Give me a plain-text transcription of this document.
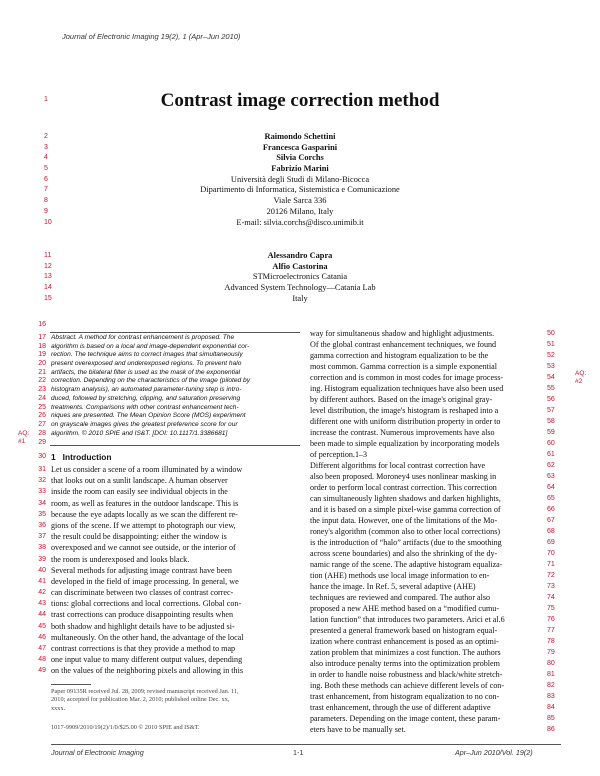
Journal of Electronic Imaging 19(2), 1 (Apr–Jun 2010)
1	Contrast image correction method
2
3
4
5
6
7
8
9
10
Raimondo Schettini
Francesca Gasparini
Silvia Corchs
Fabrizio Marini
Università degli Studi di Milano-Bicocca
Dipartimento di Informatica, Sistemistica e Comunicazione
Viale Sarca 336
20126 Milano, Italy
E-mail: silvia.corchs@disco.unimib.it
11
12
13
14
15
Alessandro Capra
Alfio Castorina
STMicroelectronics Catania
Advanced System Technology—Catania Lab
Italy
16
17
18
19
20
21
22
23
24
25
26
27
28
Abstract. A method for contrast enhancement is proposed. The
algorithm is based on a local and image-dependent exponential cor-
rection. The technique aims to correct images that simultaneously
present overexposed and underexposed regions. To prevent halo
artifacts, the bilateral filter is used as the mask of the exponential
correction. Depending on the characteristics of the image (piloted by
histogram analysis), an automated parameter-tuning step is intro-
duced, followed by stretching, clipping, and saturation preserving
treatments. Comparisons with other contrast enhancement tech-
niques are presented. The Mean Opinion Score (MOS) experiment
on grayscale images gives the greatest preference score for our
algorithm. © 2010 SPIE and IS&T. [DOI: 10.1117/1.3386681]
29
AQ:
#1
30 1 Introduction
31
32
33
34
35
36
37
38
39
40
41
42
43
44
45
46
47
48
49
Let us consider a scene of a room illuminated by a window
that looks out on a sunlit landscape. A human observer
inside the room can easily see individual objects in the
room, as well as features in the outdoor landscape. This is
because the eye adapts locally as we scan the different re-
gions of the scene. If we attempt to photograph our view,
the result could be disappointing: either the window is
overexposed and we cannot see outside, or the interior of
the room is underexposed and looks black.
Several methods for adjusting image contrast have been
developed in the field of image processing. In general, we
can discriminate between two classes of contrast correc-
tions: global corrections and local corrections. Global con-
trast corrections can produce disappointing results when
both shadow and highlight details have to be adjusted si-
multaneously. On the other hand, the advantage of the local
contrast corrections is that they provide a method to map
one input value to many different output values, depending
on the values of the neighboring pixels and allowing in this
Paper 09135R received Jul. 28, 2009; revised manuscript received Jan. 11,
2010; accepted for publication Mar. 2, 2010; published online Dec. xx,
xxxx.
1017-9909/2010/19(2)/1/0/$25.00 © 2010 SPIE and IS&T.
way for simultaneous shadow and highlight adjustments.
Of the global contrast enhancement techniques, we found
gamma correction and histogram equalization to be the
most common. Gamma correction is a simple exponential
correction and is common in most codes for image process-
ing. Histogram equalization techniques have also been used
by different authors. Based on the image's original gray-
level distribution, the image's histogram is reshaped into a
different one with uniform distribution property in order to
increase the contrast. Numerous improvements have also
been made to simple equalization by incorporating models
of perception.1–3
Different algorithms for local contrast correction have
also been proposed. Moroney4 uses nonlinear masking in
order to perform local contrast correction. This correction
can simultaneously lighten shadows and darken highlights,
and it is based on a simple pixel-wise gamma correction of
the input data. However, one of the limitations of the Mo-
roney's algorithm (common also to other local corrections)
is the introduction of “halo” artifacts (due to the smoothing
across scene boundaries) and also the shrinking of the dy-
namic range of the scene. The adaptive histogram equaliza-
tion (AHE) methods use local image information to en-
hance the image. In Ref. 5, several adaptive (AHE)
techniques are reviewed and compared. The author also
proposed a new AHE method based on a “modified cumu-
lation function” that introduces two parameters. Arici et al.6
presented a general framework based on histogram equal-
ization where contrast enhancement is posed as an optimi-
zation problem that minimizes a cost function. The authors
also introduce penalty terms into the optimization problem
in order to handle noise robustness and black/white stretch-
ing. Both these methods can achieve different levels of con-
trast enhancement, from histogram equalization to no con-
trast enhancement, through the use of different adaptive
parameters. Depending on the image content, these param-
eters have to be manually set.
50
51
52
53
54
55
56
57
58
59
60
61
62
63
64
65
66
67
68
69
70
71
72
73
74
75
76
77
78
79
80
81
82
83
84
85
86
AQ:
#2
Journal of Electronic Imaging	1-1	Apr–Jun 2010/Vol. 19(2)
